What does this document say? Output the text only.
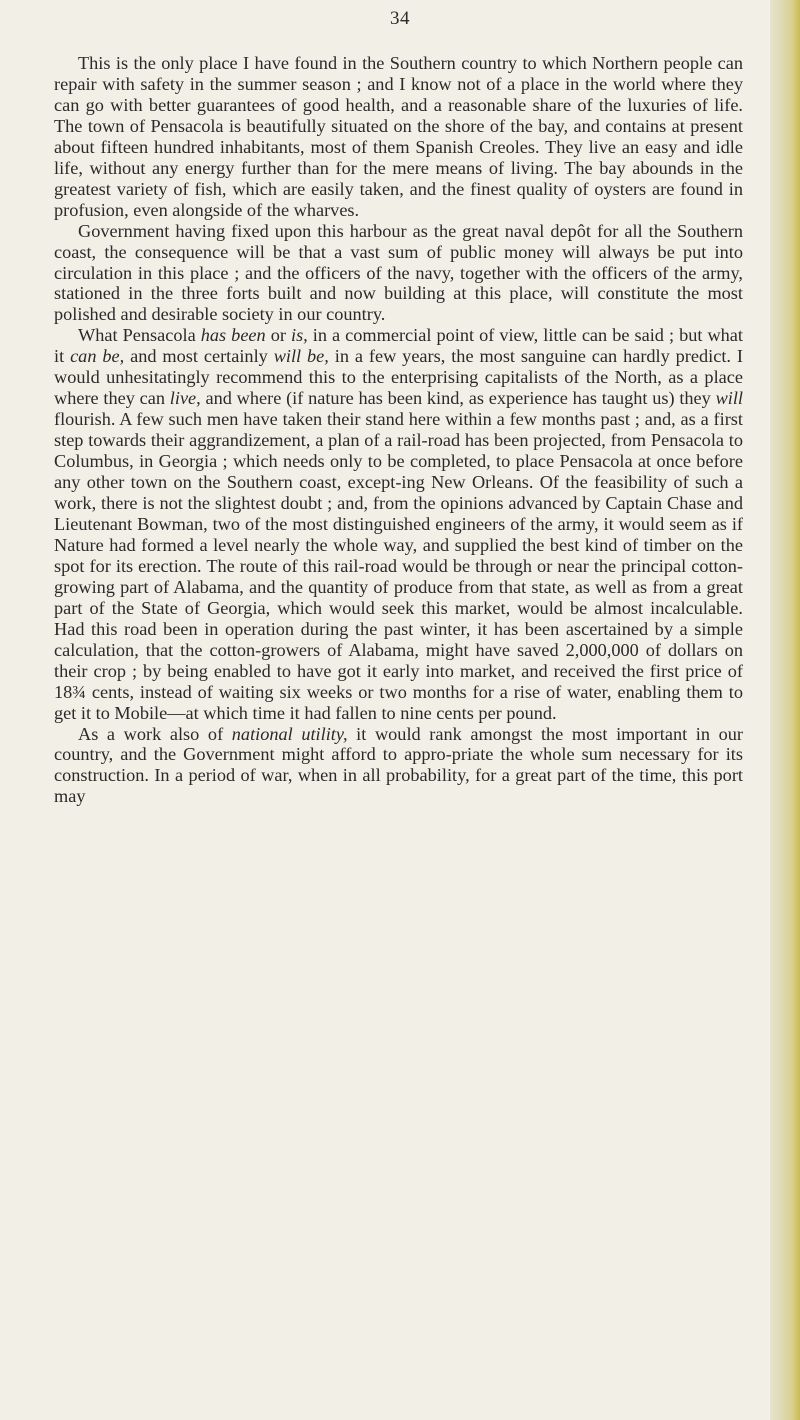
34

This is the only place I have found in the Southern country to which Northern people can repair with safety in the summer season ; and I know not of a place in the world where they can go with better guarantees of good health, and a reasonable share of the luxuries of life. The town of Pensacola is beautifully situated on the shore of the bay, and contains at present about fifteen hundred inhabitants, most of them Spanish Creoles. They live an easy and idle life, without any energy further than for the mere means of living. The bay abounds in the greatest variety of fish, which are easily taken, and the finest quality of oysters are found in profusion, even alongside of the wharves.

Government having fixed upon this harbour as the great naval depôt for all the Southern coast, the consequence will be that a vast sum of public money will always be put into circulation in this place ; and the officers of the navy, together with the officers of the army, stationed in the three forts built and now building at this place, will constitute the most polished and desirable society in our country.

What Pensacola has been or is, in a commercial point of view, little can be said ; but what it can be, and most certainly will be, in a few years, the most sanguine can hardly predict. I would unhesitatingly recommend this to the enterprising capitalists of the North, as a place where they can live, and where (if nature has been kind, as experience has taught us) they will flourish. A few such men have taken their stand here within a few months past ; and, as a first step towards their aggrandizement, a plan of a rail-road has been projected, from Pensacola to Columbus, in Georgia ; which needs only to be completed, to place Pensacola at once before any other town on the Southern coast, except-ing New Orleans. Of the feasibility of such a work, there is not the slightest doubt ; and, from the opinions advanced by Captain Chase and Lieutenant Bowman, two of the most distinguished engineers of the army, it would seem as if Nature had formed a level nearly the whole way, and supplied the best kind of timber on the spot for its erection. The route of this rail-road would be through or near the principal cotton-growing part of Alabama, and the quantity of produce from that state, as well as from a great part of the State of Georgia, which would seek this market, would be almost incalculable. Had this road been in operation during the past winter, it has been ascertained by a simple calculation, that the cotton-growers of Alabama, might have saved 2,000,000 of dollars on their crop ; by being enabled to have got it early into market, and received the first price of 18¾ cents, instead of waiting six weeks or two months for a rise of water, enabling them to get it to Mobile—at which time it had fallen to nine cents per pound.

As a work also of national utility, it would rank amongst the most important in our country, and the Government might afford to appro-priate the whole sum necessary for its construction. In a period of war, when in all probability, for a great part of the time, this port may
